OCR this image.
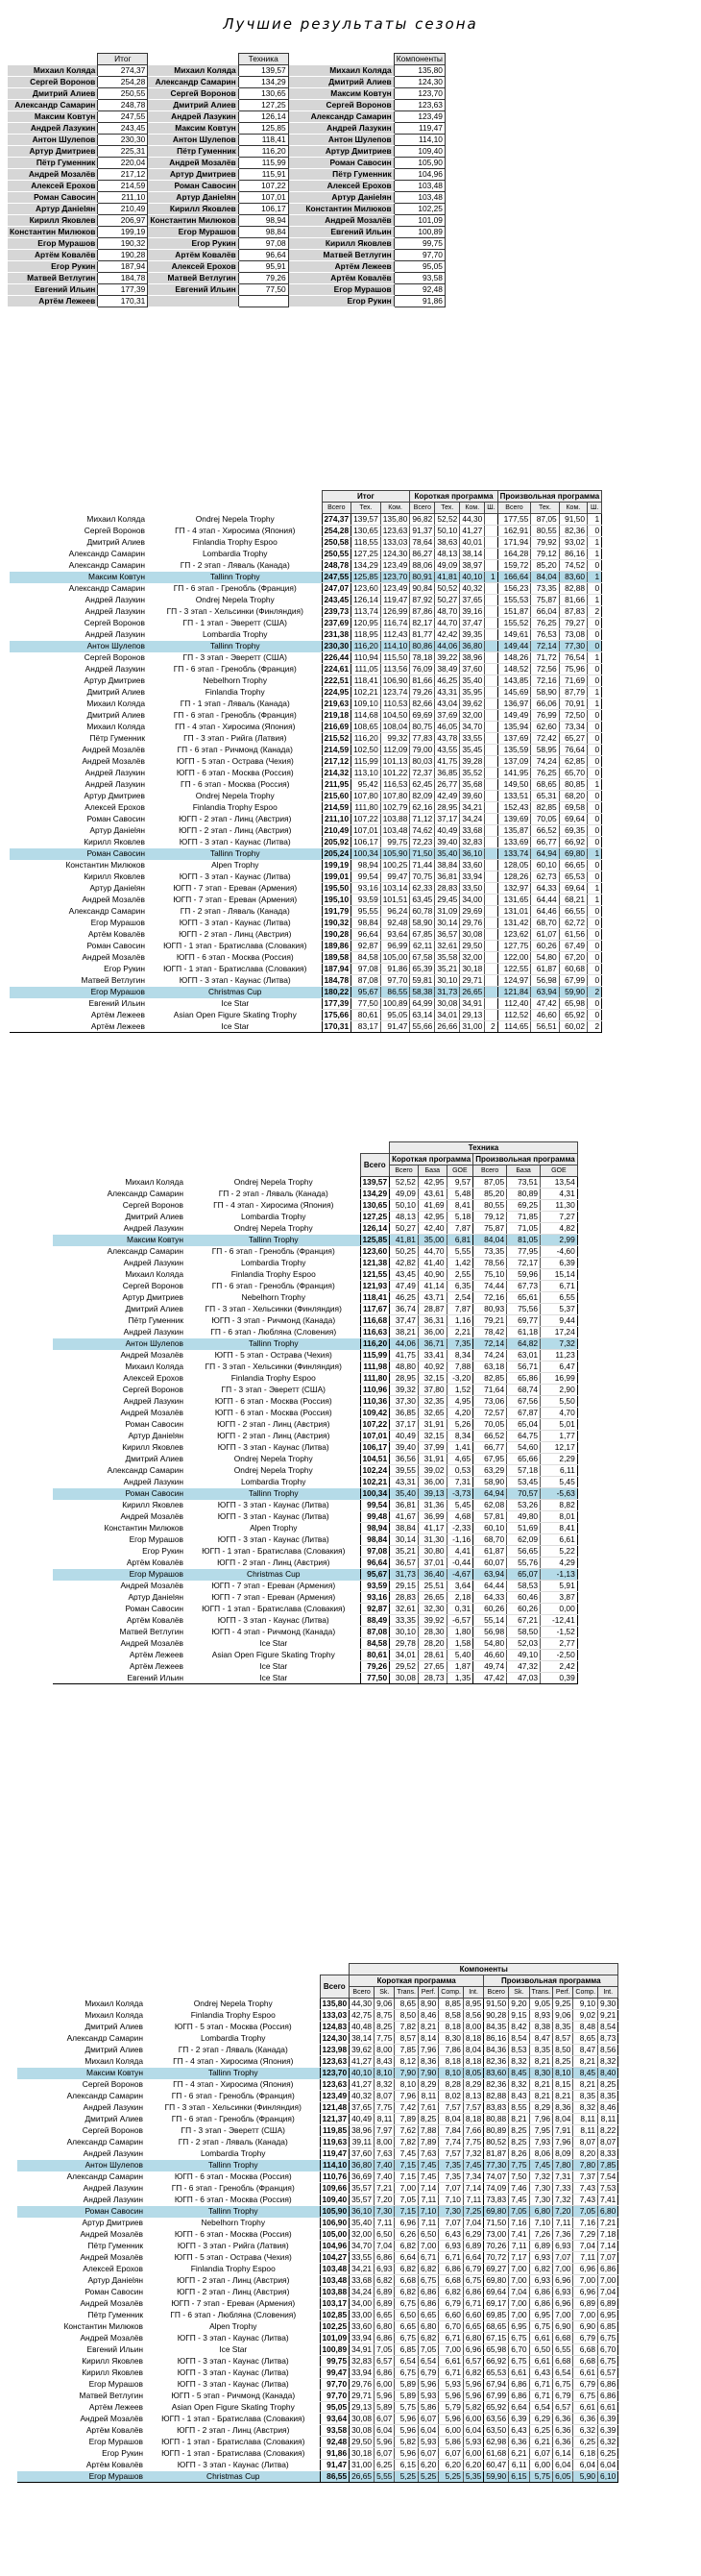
Лучшие результаты сезона
	Итог		Техника		Компоненты
Михаил Коляда	274,37	Михаил Коляда	139,57	Михаил Коляда	135,80
Сергей Воронов	254,28	Александр Самарин	134,29	Дмитрий Алиев	124,30
Дмитрий Алиев	250,55	Сергей Воронов	130,65	Максим Ковтун	123,70
Александр Самарин	248,78	Дмитрий Алиев	127,25	Сергей Воронов	123,63
Максим Ковтун	247,55	Андрей Лазукин	126,14	Александр Самарин	123,49
Андрей Лазукин	243,45	Максим Ковтун	125,85	Андрей Лазукин	119,47
Антон Шулепов	230,30	Антон Шулепов	118,41	Антон Шулепов	114,10
Артур Дмитриев	225,31	Пётр Гуменник	116,20	Артур Дмитриев	109,40
Пётр Гуменник	220,04	Андрей Мозалёв	115,99	Роман Савосин	105,90
Андрей Мозалёв	217,12	Артур Дмитриев	115,91	Пётр Гуменник	104,96
Алексей Ерохов	214,59	Роман Савосин	107,22	Алексей Ерохов	103,48
Роман Савосин	211,10	Артур Данielян	107,01	Артур Данielян	103,48
Артур Данielян	210,49	Кирилл Яковлев	106,17	Константин Милюков	102,25
Кирилл Яковлев	206,97	Константин Милюков	98,94	Андрей Мозалёв	101,09
Константин Милюков	199,19	Егор Мурашов	98,84	Евгений Ильин	100,89
Егор Мурашов	190,32	Егор Рукин	97,08	Кирилл Яковлев	99,75
Артём Ковалёв	190,28	Артём Ковалёв	96,64	Матвей Ветлугин	97,70
Егор Рукин	187,94	Алексей Ерохов	95,91	Артём Лежеев	95,05
Матвей Ветлугин	184,78	Матвей Ветлугин	79,26	Артём Ковалёв	93,58
Евгений Ильин	177,39	Евгений Ильин	77,50	Егор Мурашов	92,48
Артём Лежеев	170,31			Егор Рукин	91,86
		Итог			Короткая программа				Произвольная программа			
		Всего	Тех.	Ком.	Всего	Тех.	Ком.	Ш.	Всего	Тех.	Ком.	Ш.
Михаил Коляда	Ondrej Nepela Trophy	274,37	139,57	135,80	96,82	52,52	44,30		177,55	87,05	91,50	1
Сергей Воронов	ГП - 4 этап - Хиросима (Япония)	254,28	130,65	123,63	91,37	50,10	41,27		162,91	80,55	82,36	0
Дмитрий Алиев	Finlandia Trophy Espoo	250,58	118,55	133,03	78,64	38,63	40,01		171,94	79,92	93,02	1
Александр Самарин	Lombardia Trophy	250,55	127,25	124,30	86,27	48,13	38,14		164,28	79,12	86,16	1
Александр Самарин	ГП - 2 этап - Ляваль (Канада)	248,78	134,29	123,49	88,06	49,09	38,97		159,72	85,20	74,52	0
Максим Ковтун	Tallinn Trophy	247,55	125,85	123,70	80,91	41,81	40,10	1	166,64	84,04	83,60	1
Александр Самарин	ГП - 6 этап - Гренобль (Франция)	247,07	123,60	123,49	90,84	50,52	40,32		156,23	73,35	82,88	0
Андрей Лазукин	Ondrej Nepela Trophy	243,45	126,14	119,47	87,92	50,27	37,65		155,53	75,87	81,66	1
Андрей Лазукин	ГП - 3 этап - Хельсинки (Финляндия)	239,73	113,74	126,99	87,86	48,70	39,16		151,87	66,04	87,83	2
Сергей Воронов	ГП - 1 этап - Эверетт (США)	237,69	120,95	116,74	82,17	44,70	37,47		155,52	76,25	79,27	0
Андрей Лазукин	Lombardia Trophy	231,38	118,95	112,43	81,77	42,42	39,35		149,61	76,53	73,08	0
Антон Шулепов	Tallinn Trophy	230,30	116,20	114,10	80,86	44,06	36,80		149,44	72,14	77,30	0
Сергей Воронов	ГП - 3 этап - Эверетт (США)	226,44	110,94	115,50	78,18	39,22	38,96		148,26	71,72	76,54	1
Андрей Лазукин	ГП - 6 этап - Гренобль (Франция)	224,61	111,05	113,56	76,09	38,49	37,60		148,52	72,56	75,96	0
Артур Дмитриев	Nebelhorn Trophy	222,51	118,41	106,90	81,66	46,25	35,40		143,85	72,16	71,69	0
Дмитрий Алиев	Finlandia Trophy	224,95	102,21	123,74	79,26	43,31	35,95		145,69	58,90	87,79	1
Михаил Коляда	ГП - 1 этап - Ляваль (Канада)	219,63	109,10	110,53	82,66	43,04	39,62		136,97	66,06	70,91	1
Дмитрий Алиев	ГП - 6 этап - Гренобль (Франция)	219,18	114,68	104,50	69,69	37,69	32,00		149,49	76,99	72,50	0
Михаил Коляда	ГП - 4 этап - Хиросима (Япония)	216,69	108,65	108,04	80,75	46,05	34,70		135,94	62,60	73,34	0
Пётр Гуменник	ГП - 3 этап - Рийга (Латвия)	215,52	116,20	99,32	77,83	43,78	33,55		137,69	72,42	65,27	0
Андрей Мозалёв	ГП - 6 этап - Ричмонд (Канада)	214,59	102,50	112,09	79,00	43,55	35,45		135,59	58,95	76,64	0
Андрей Мозалёв	ЮГП - 5 этап - Острава (Чехия)	217,12	115,99	101,13	80,03	41,75	39,28		137,09	74,24	62,85	0
Андрей Лазукин	ЮГП - 6 этап - Москва (Россия)	214,32	113,10	101,22	72,37	36,85	35,52		141,95	76,25	65,70	0
Андрей Лазукин	ГП - 6 этап - Москва (Россия)	211,95	95,42	116,53	62,45	26,77	35,68		149,50	68,65	80,85	1
Артур Дмитриев	Ondrej Nepela Trophy	215,60	107,80	107,80	82,09	42,49	39,60		133,51	65,31	68,20	0
Алексей Ерохов	Finlandia Trophy Espoo	214,59	111,80	102,79	62,16	28,95	34,21		152,43	82,85	69,58	0
Роман Савосин	ЮГП - 2 этап - Линц (Австрия)	211,10	107,22	103,88	71,12	37,17	34,24		139,69	70,05	69,64	0
Артур Данielян	ЮГП - 2 этап - Линц (Австрия)	210,49	107,01	103,48	74,62	40,49	33,68		135,87	66,52	69,35	0
Кирилл Яковлев	ЮГП - 3 этап - Каунас (Литва)	205,92	106,17	99,75	72,23	39,40	32,83		133,69	66,77	66,92	0
Роман Савосин	Tallinn Trophy	205,24	100,34	105,90	71,50	35,40	36,10		133,74	64,94	69,80	1
Константин Милюков	Alpen Trophy	199,19	98,94	100,25	71,44	38,84	33,60		128,05	60,10	66,65	0
Кирилл Яковлев	ЮГП - 3 этап - Каунас (Литва)	199,01	99,54	99,47	70,75	36,81	33,94		128,26	62,73	65,53	0
Артур Данielян	ЮГП - 7 этап - Ереван (Армения)	195,50	93,16	103,14	62,33	28,83	33,50		132,97	64,33	69,64	1
Андрей Мозалёв	ЮГП - 7 этап - Ереван (Армения)	195,10	93,59	101,51	63,45	29,45	34,00		131,65	64,44	68,21	1
Александр Самарин	ГП - 2 этап - Ляваль (Канада)	191,79	95,55	96,24	60,78	31,09	29,69		131,01	64,46	66,55	0
Егор Мурашов	ЮГП - 3 этап - Каунас (Литва)	190,32	98,84	92,48	58,90	30,14	29,76		131,42	68,70	62,72	0
Артём Ковалёв	ЮГП - 2 этап - Линц (Австрия)	190,28	96,64	93,64	67,85	36,57	30,08		123,62	61,07	61,56	0
Роман Савосин	ЮГП - 1 этап - Братислава (Словакия)	189,86	92,87	96,99	62,11	32,61	29,50		127,75	60,26	67,49	0
Андрей Мозалёв	ЮГП - 6 этап - Москва (Россия)	189,58	84,58	105,00	67,58	35,58	32,00		122,00	54,80	67,20	0
Егор Рукин	ЮГП - 1 этап - Братислава (Словакия)	187,94	97,08	91,86	65,39	35,21	30,18		122,55	61,87	60,68	0
Матвей Ветлугин	ЮГП - 3 этап - Каунас (Литва)	184,78	87,08	97,70	59,81	30,10	29,71		124,97	56,98	67,99	0
Егор Мурашов	Christmas Cup	180,22	95,67	86,55	58,38	31,73	26,65		121,84	63,94	59,90	2
Евгений Ильин	Ice Star	177,39	77,50	100,89	64,99	30,08	34,91		112,40	47,42	65,98	0
Артём Лежеев	Asian Open Figure Skating Trophy	175,66	80,61	95,05	63,14	34,01	29,13		112,52	46,60	65,92	0
Артём Лежеев	Ice Star	170,31	83,17	91,47	55,66	26,66	31,00	2	114,65	56,51	60,02	2
			Техника					
		Всего	Короткая программа			Произвольная программа		
			Всего	База	GOE	Всего	База	GOE
Михаил Коляда	Ondrej Nepela Trophy	139,57	52,52	42,95	9,57	87,05	73,51	13,54
Александр Самарин	ГП - 2 этап - Ляваль (Канада)	134,29	49,09	43,61	5,48	85,20	80,89	4,31
Сергей Воронов	ГП - 4 этап - Хиросима (Япония)	130,65	50,10	41,69	8,41	80,55	69,25	11,30
Дмитрий Алиев	Lombardia Trophy	127,25	48,13	42,95	5,18	79,12	71,85	7,27
Андрей Лазукин	Ondrej Nepela Trophy	126,14	50,27	42,40	7,87	75,87	71,05	4,82
Максим Ковтун	Tallinn Trophy	125,85	41,81	35,00	6,81	84,04	81,05	2,99
Александр Самарин	ГП - 6 этап - Гренобль (Франция)	123,60	50,25	44,70	5,55	73,35	77,95	-4,60
Андрей Лазукин	Lombardia Trophy	121,38	42,82	41,40	1,42	78,56	72,17	6,39
Михаил Коляда	Finlandia Trophy Espoo	121,55	43,45	40,90	2,55	75,10	59,96	15,14
Сергей Воронов	ГП - 6 этап - Гренобль (Франция)	121,93	47,49	41,14	6,35	74,44	67,73	6,71
Артур Дмитриев	Nebelhorn Trophy	118,41	46,25	43,71	2,54	72,16	65,61	6,55
Дмитрий Алиев	ГП - 3 этап - Хельсинки (Финляндия)	117,67	36,74	28,87	7,87	80,93	75,56	5,37
Пётр Гуменник	ЮГП - 3 этап - Ричмонд (Канада)	116,68	37,47	36,31	1,16	79,21	69,77	9,44
Андрей Лазукин	ГП - 6 этап - Любляна (Словения)	116,63	38,21	36,00	2,21	78,42	61,18	17,24
Антон Шулепов	Tallinn Trophy	116,20	44,06	36,71	7,35	72,14	64,82	7,32
Андрей Мозалёв	ЮГП - 5 этап - Острава (Чехия)	115,99	41,75	33,41	8,34	74,24	63,01	11,23
Михаил Коляда	ГП - 3 этап - Хельсинки (Финляндия)	111,98	48,80	40,92	7,88	63,18	56,71	6,47
Алексей Ерохов	Finlandia Trophy Espoo	111,80	28,95	32,15	-3,20	82,85	65,86	16,99
Сергей Воронов	ГП - 3 этап - Эверетт (США)	110,96	39,32	37,80	1,52	71,64	68,74	2,90
Андрей Лазукин	ЮГП - 6 этап - Москва (Россия)	110,36	37,30	32,35	4,95	73,06	67,56	5,50
Андрей Мозалёв	ЮГП - 6 этап - Москва (Россия)	109,42	36,85	32,65	4,20	72,57	67,87	4,70
Роман Савосин	ЮГП - 2 этап - Линц (Австрия)	107,22	37,17	31,91	5,26	70,05	65,04	5,01
Артур Данielян	ЮГП - 2 этап - Линц (Австрия)	107,01	40,49	32,15	8,34	66,52	64,75	1,77
Кирилл Яковлев	ЮГП - 3 этап - Каунас (Литва)	106,17	39,40	37,99	1,41	66,77	54,60	12,17
Дмитрий Алиев	Ondrej Nepela Trophy	104,51	36,56	31,91	4,65	67,95	65,66	2,29
Александр Самарин	Ondrej Nepela Trophy	102,24	39,55	39,02	0,53	63,29	57,18	6,11
Андрей Лазукин	Lombardia Trophy	102,21	43,31	36,00	7,31	58,90	53,45	5,45
Роман Савосин	Tallinn Trophy	100,34	35,40	39,13	-3,73	64,94	70,57	-5,63
Кирилл Яковлев	ЮГП - 3 этап - Каунас (Литва)	99,54	36,81	31,36	5,45	62,08	53,26	8,82
Андрей Мозалёв	ЮГП - 3 этап - Каунас (Литва)	99,48	41,67	36,99	4,68	57,81	49,80	8,01
Константин Милюков	Alpen Trophy	98,94	38,84	41,17	-2,33	60,10	51,69	8,41
Егор Мурашов	ЮГП - 3 этап - Каунас (Литва)	98,84	30,14	31,30	-1,16	68,70	62,09	6,61
Егор Рукин	ЮГП - 1 этап - Братислава (Словакия)	97,08	35,21	30,80	4,41	61,87	56,65	5,22
Артём Ковалёв	ЮГП - 2 этап - Линц (Австрия)	96,64	36,57	37,01	-0,44	60,07	55,76	4,29
Егор Мурашов	Christmas Cup	95,67	31,73	36,40	-4,67	63,94	65,07	-1,13
Андрей Мозалёв	ЮГП - 7 этап - Ереван (Армения)	93,59	29,15	25,51	3,64	64,44	58,53	5,91
Артур Данielян	ЮГП - 7 этап - Ереван (Армения)	93,16	28,83	26,65	2,18	64,33	60,46	3,87
Роман Савосин	ЮГП - 1 этап - Братислава (Словакия)	92,87	32,61	32,30	0,31	60,26	60,26	0,00
Артём Ковалёв	ЮГП - 3 этап - Каунас (Литва)	88,49	33,35	39,92	-6,57	55,14	67,21	-12,41
Матвей Ветлугин	ЮГП - 4 этап - Ричмонд (Канада)	87,08	30,10	28,30	1,80	56,98	58,50	-1,52
Андрей Мозалёв	Ice Star	84,58	29,78	28,20	1,58	54,80	52,03	2,77
Артём Лежеев	Asian Open Figure Skating Trophy	80,61	34,01	28,61	5,40	46,60	49,10	-2,50
Артём Лежеев	Ice Star	79,26	29,52	27,65	1,87	49,74	47,32	2,42
Евгений Ильин	Ice Star	77,50	30,08	28,73	1,35	47,42	47,03	0,39
			Компоненты											
		Всего	Короткая программа						Произвольная программа					
			Всего	Sk.	Trans.	Perf.	Comp.	Int.	Всего	Sk.	Trans.	Perf.	Comp.	Int.
Михаил Коляда	Ondrej Nepela Trophy	135,80	44,30	9,06	8,65	8,90	8,85	8,95	91,50	9,20	9,05	9,25	9,10	9,30
Михаил Коляда	Finlandia Trophy Espoo	133,03	42,75	8,75	8,50	8,46	8,58	8,56	90,28	9,15	8,93	9,06	9,02	9,21
Дмитрий Алиев	ЮГП - 5 этап - Москва (Россия)	124,83	40,48	8,25	7,82	8,21	8,18	8,00	84,35	8,42	8,38	8,35	8,48	8,54
Александр Самарин	Lombardia Trophy	124,30	38,14	7,75	8,57	8,14	8,30	8,18	86,16	8,54	8,47	8,57	8,65	8,73
Дмитрий Алиев	ГП - 2 этап - Ляваль (Канада)	123,98	39,62	8,00	7,85	7,96	7,86	8,04	84,36	8,53	8,35	8,50	8,47	8,56
Михаил Коляда	ГП - 4 этап - Хиросима (Япония)	123,63	41,27	8,43	8,12	8,36	8,18	8,18	82,36	8,32	8,21	8,25	8,21	8,32
Максим Ковтун	Tallinn Trophy	123,70	40,10	8,10	7,90	7,90	8,10	8,05	83,60	8,45	8,30	8,10	8,45	8,40
Сергей Воронов	ГП - 4 этап - Хиросима (Япония)	123,63	41,27	8,32	8,10	8,29	8,28	8,29	82,36	8,32	8,21	8,15	8,21	8,25
Александр Самарин	ГП - 6 этап - Гренобль (Франция)	123,49	40,32	8,07	7,96	8,11	8,02	8,13	82,88	8,43	8,21	8,21	8,35	8,35
Андрей Лазукин	ГП - 3 этап - Хельсинки (Финляндия)	121,48	37,65	7,75	7,42	7,61	7,57	7,57	83,83	8,55	8,29	8,36	8,32	8,46
Дмитрий Алиев	ГП - 6 этап - Гренобль (Франция)	121,37	40,49	8,11	7,89	8,25	8,04	8,18	80,88	8,21	7,96	8,04	8,11	8,11
Сергей Воронов	ГП - 3 этап - Эверетт (США)	119,85	38,96	7,97	7,62	7,88	7,84	7,66	80,89	8,25	7,95	7,91	8,11	8,22
Александр Самарин	ГП - 2 этап - Ляваль (Канада)	119,63	39,11	8,00	7,82	7,89	7,74	7,75	80,52	8,25	7,93	7,96	8,07	8,07
Андрей Лазукин	Lombardia Trophy	119,47	37,60	7,63	7,45	7,63	7,57	7,32	81,87	8,26	8,06	8,09	8,20	8,33
Антон Шулепов	Tallinn Trophy	114,10	36,80	7,40	7,15	7,45	7,35	7,45	77,30	7,75	7,45	7,80	7,80	7,85
Александр Самарин	ЮГП - 6 этап - Москва (Россия)	110,76	36,69	7,40	7,15	7,45	7,35	7,34	74,07	7,50	7,32	7,31	7,37	7,54
Андрей Лазукин	ГП - 6 этап - Гренобль (Франция)	109,66	35,57	7,21	7,00	7,14	7,07	7,14	74,09	7,46	7,30	7,33	7,43	7,53
Андрей Лазукин	ЮГП - 6 этап - Москва (Россия)	109,40	35,57	7,20	7,05	7,11	7,10	7,11	73,83	7,45	7,30	7,32	7,43	7,41
Роман Савосин	Tallinn Trophy	105,90	36,10	7,30	7,15	7,10	7,30	7,25	69,80	7,05	6,80	7,20	7,05	6,80
Артур Дмитриев	Nebelhorn Trophy	106,90	35,40	7,11	6,96	7,11	7,07	7,04	71,50	7,16	7,10	7,11	7,16	7,21
Андрей Мозалёв	ЮГП - 6 этап - Москва (Россия)	105,00	32,00	6,50	6,26	6,50	6,43	6,29	73,00	7,41	7,26	7,36	7,29	7,18
Пётр Гуменник	ЮГП - 3 этап - Рийга (Латвия)	104,96	34,70	7,04	6,82	7,00	6,93	6,89	70,26	7,11	6,89	6,93	7,04	7,14
Андрей Мозалёв	ЮГП - 5 этап - Острава (Чехия)	104,27	33,55	6,86	6,64	6,71	6,71	6,64	70,72	7,17	6,93	7,07	7,11	7,07
Алексей Ерохов	Finlandia Trophy Espoo	103,48	34,21	6,93	6,82	6,82	6,86	6,79	69,27	7,00	6,82	7,00	6,96	6,86
Артур Данielян	ЮГП - 2 этап - Линц (Австрия)	103,48	33,68	6,82	6,68	6,75	6,68	6,75	69,80	7,00	6,93	6,96	7,00	7,00
Роман Савосин	ЮГП - 2 этап - Линц (Австрия)	103,88	34,24	6,89	6,82	6,86	6,82	6,86	69,64	7,04	6,86	6,93	6,96	7,04
Андрей Мозалёв	ЮГП - 7 этап - Ереван (Армения)	103,17	34,00	6,89	6,75	6,86	6,79	6,71	69,17	7,00	6,86	6,96	6,89	6,89
Пётр Гуменник	ГП - 6 этап - Любляна (Словения)	102,85	33,00	6,65	6,50	6,65	6,60	6,60	69,85	7,00	6,95	7,00	7,00	6,95
Константин Милюков	Alpen Trophy	102,25	33,60	6,80	6,65	6,80	6,70	6,65	68,65	6,95	6,75	6,90	6,90	6,85
Андрей Мозалёв	ЮГП - 3 этап - Каунас (Литва)	101,09	33,94	6,86	6,75	6,82	6,71	6,80	67,15	6,75	6,61	6,68	6,79	6,75
Евгений Ильин	Ice Star	100,89	34,91	7,05	6,85	7,05	7,00	6,96	65,98	6,70	6,50	6,55	6,68	6,70
Кирилл Яковлев	ЮГП - 3 этап - Каунас (Литва)	99,75	32,83	6,57	6,54	6,54	6,61	6,57	66,92	6,75	6,61	6,68	6,68	6,75
Кирилл Яковлев	ЮГП - 3 этап - Каунас (Литва)	99,47	33,94	6,86	6,75	6,79	6,71	6,82	65,53	6,61	6,43	6,54	6,61	6,57
Егор Мурашов	ЮГП - 3 этап - Каунас (Литва)	97,70	29,76	6,00	5,89	5,96	5,93	5,96	67,94	6,86	6,71	6,75	6,79	6,86
Матвей Ветлугин	ЮГП - 5 этап - Ричмонд (Канада)	97,70	29,71	5,96	5,89	5,93	5,96	5,96	67,99	6,86	6,71	6,79	6,75	6,86
Артём Лежеев	Asian Open Figure Skating Trophy	95,05	29,13	5,89	5,75	5,86	5,79	5,82	65,92	6,64	6,54	6,57	6,61	6,61
Андрей Мозалёв	ЮГП - 1 этап - Братислава (Словакия)	93,64	30,08	6,07	5,96	6,07	5,96	6,00	63,56	6,39	6,29	6,36	6,36	6,39
Артём Ковалёв	ЮГП - 2 этап - Линц (Австрия)	93,58	30,08	6,04	5,96	6,04	6,00	6,04	63,50	6,43	6,25	6,36	6,32	6,39
Егор Мурашов	ЮГП - 1 этап - Братислава (Словакия)	92,48	29,50	5,96	5,82	5,93	5,86	5,93	62,98	6,36	6,21	6,36	6,25	6,32
Егор Рукин	ЮГП - 1 этап - Братислава (Словакия)	91,86	30,18	6,07	5,96	6,07	6,07	6,00	61,68	6,21	6,07	6,14	6,18	6,25
Артём Ковалёв	ЮГП - 3 этап - Каунас (Литва)	91,47	31,00	6,25	6,15	6,20	6,20	6,20	60,47	6,11	6,00	6,04	6,04	6,04
Егор Мурашов	Christmas Cup	86,55	26,65	5,55	5,25	5,25	5,25	5,35	59,90	6,15	5,75	6,05	5,90	6,10
